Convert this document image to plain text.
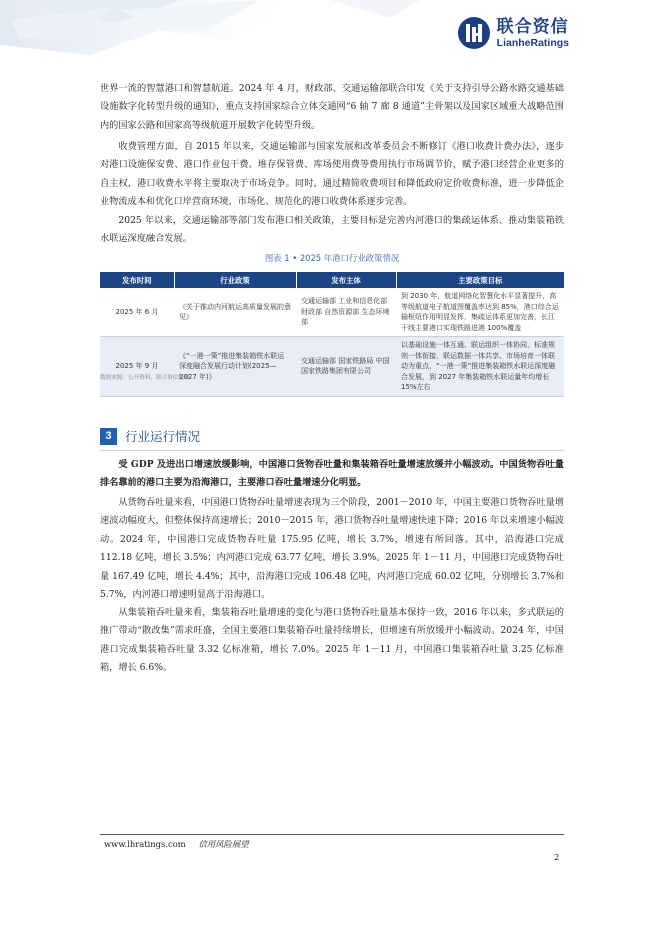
联合资信
LianheRatings

世界一流的智慧港口和智慧航道。2024 年 4 月，财政部、交通运输部联合印发《关于支持引导公路水路交通基础设施数字化转型升级的通知》，重点支持国家综合立体交通网“6 轴 7 廊 8 通道”主骨架以及国家区域重大战略范围内的国家公路和国家高等级航道开展数字化转型升级。

收费管理方面，自 2015 年以来，交通运输部与国家发展和改革委员会不断修订《港口收费计费办法》，逐步对港口设施保安费、港口作业包干费、堆存保管费、库场使用费等费用执行市场调节价，赋予港口经营企业更多的自主权，港口收费水平将主要取决于市场竞争。同时，通过精简收费项目和降低政府定价收费标准，进一步降低企业物流成本和优化口岸营商环境，市场化、规范化的港口收费体系逐步完善。

2025 年以来，交通运输部等部门发布港口相关政策，主要目标是完善内河港口的集疏运体系、推动集装箱铁水联运深度融合发展。

图表 1 • 2025 年港口行业政策情况
发布时间	行业政策	发布主体	主要政策目标
2025 年 6 月	《关于推动内河航运高质量发展的意见》	交通运输部 工业和信息化部 财政部 自然资源部 生态环境部	到 2030 年，航道网络化智慧化水平显著提升，高等级航道电子航道图覆盖率达到 85%，港口综合运输枢纽作用明显发挥，集疏运体系更加完善，长江干线主要港口实现铁路进港 100%覆盖
2025 年 9 月	《“一港一策”推进集装箱铁水联运深度融合发展行动计划(2025—2027 年)》	交通运输部 国家铁路局 中国国家铁路集团有限公司	以基础设施一体互通、联运组织一体协同、标准规则一体衔接、联运数据一体共享、市场培育一体联动为重点，“一港一策”推进集装箱铁水联运深度融合发展，到 2027 年集装箱铁水联运量年均增长 15%左右
数据来源：公开资料，联合资信整理
3	行业运行情况

受 GDP 及进出口增速放缓影响，中国港口货物吞吐量和集装箱吞吐量增速放缓并小幅波动。中国货物吞吐量排名靠前的港口主要为沿海港口，主要港口吞吐量增速分化明显。

从货物吞吐量来看，中国港口货物吞吐量增速表现为三个阶段，2001－2010 年，中国主要港口货物吞吐量增速波动幅度大，但整体保持高速增长；2010－2015 年，港口货物吞吐量增速快速下降；2016 年以来增速小幅波动。2024 年，中国港口完成货物吞吐量 175.95 亿吨，增长 3.7%，增速有所回落。其中，沿海港口完成 112.18 亿吨，增长 3.5%；内河港口完成 63.77 亿吨，增长 3.9%。2025 年 1－11 月，中国港口完成货物吞吐量 167.49 亿吨，增长 4.4%；其中，沿海港口完成 106.48 亿吨，内河港口完成 60.02 亿吨，分别增长 3.7%和 5.7%，内河港口增速明显高于沿海港口。

从集装箱吞吐量来看，集装箱吞吐量增速的变化与港口货物吞吐量基本保持一致，2016 年以来，多式联运的推广带动“散改集”需求旺盛，全国主要港口集装箱吞吐量持续增长，但增速有所放缓并小幅波动。2024 年，中国港口完成集装箱吞吐量 3.32 亿标准箱，增长 7.0%。2025 年 1－11 月，中国港口集装箱吞吐量 3.25 亿标准箱，增长 6.6%。

www.lhratings.com 信用风险展望
2
